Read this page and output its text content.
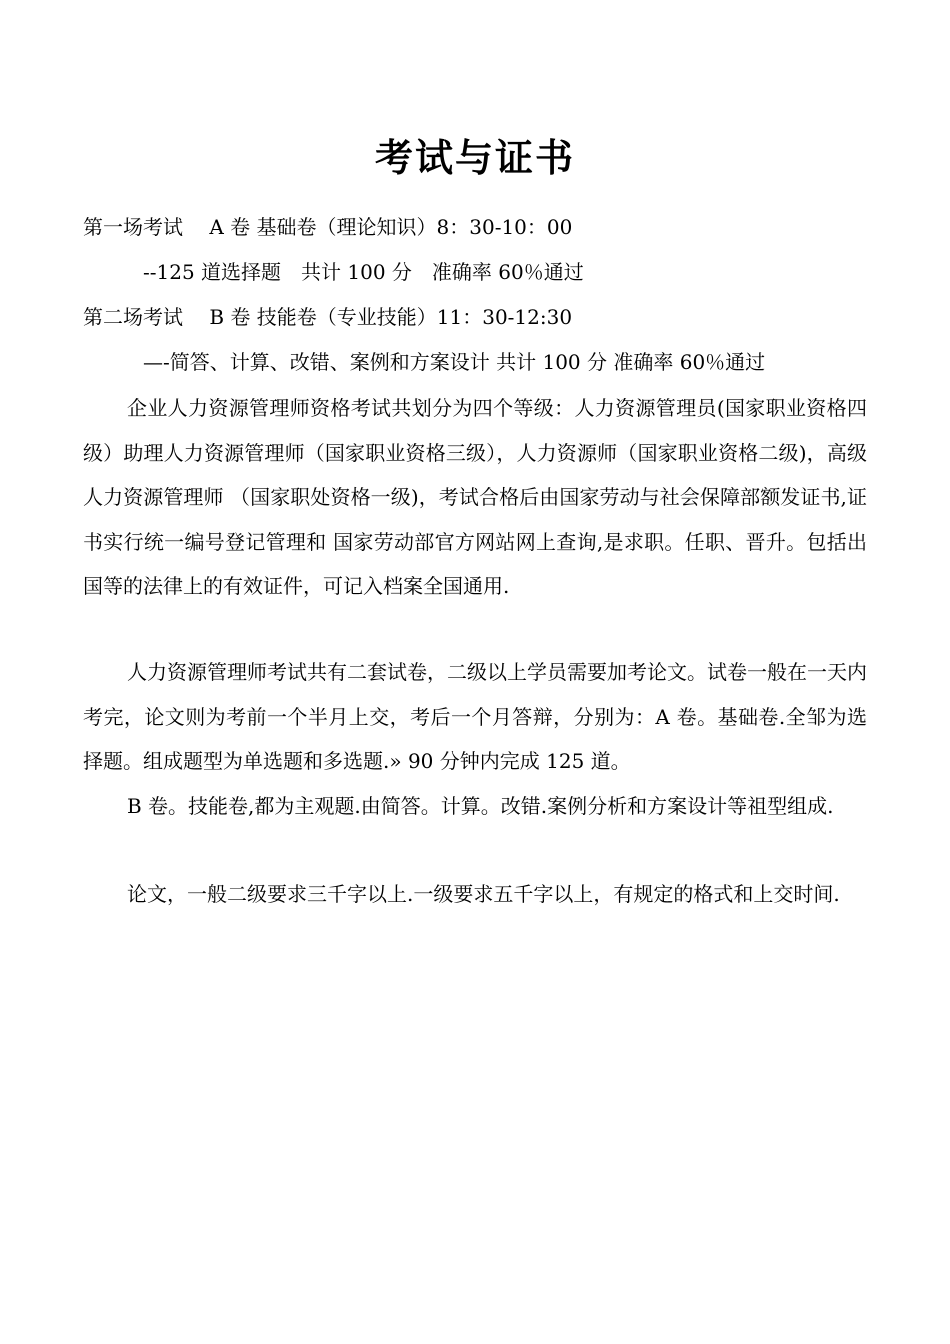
考试与证书
第一场考试　 A 卷 基础卷（理论知识）8：30-10：00
--125 道选择题　共计 100 分　准确率 60％通过
第二场考试　 B 卷 技能卷（专业技能）11：30-12:30
—-简答、计算、改错、案例和方案设计 共计 100 分 准确率 60％通过
企业人力资源管理师资格考试共划分为四个等级：人力资源管理员(国家职业资格四级）助理人力资源管理师（国家职业资格三级），人力资源师（国家职业资格二级)，高级人力资源管理师 （国家职处资格一级)，考试合格后由国家劳动与社会保障部额发证书,证书实行统一编号登记管理和 国家劳动部官方网站网上查询,是求职。任职、晋升。包括出国等的法律上的有效证件，可记入档案全国通用.
人力资源管理师考试共有二套试卷，二级以上学员需要加考论文。试卷一般在一天内考完，论文则为考前一个半月上交，考后一个月答辩，分别为：A 卷。基础卷.全邹为选择题。组成题型为单选题和多选题.» 90 分钟内完成 125 道。
B 卷。技能卷,都为主观题.由简答。计算。改错.案例分析和方案设计等祖型组成.
论文，一般二级要求三千字以上.一级要求五千字以上，有规定的格式和上交时间.
